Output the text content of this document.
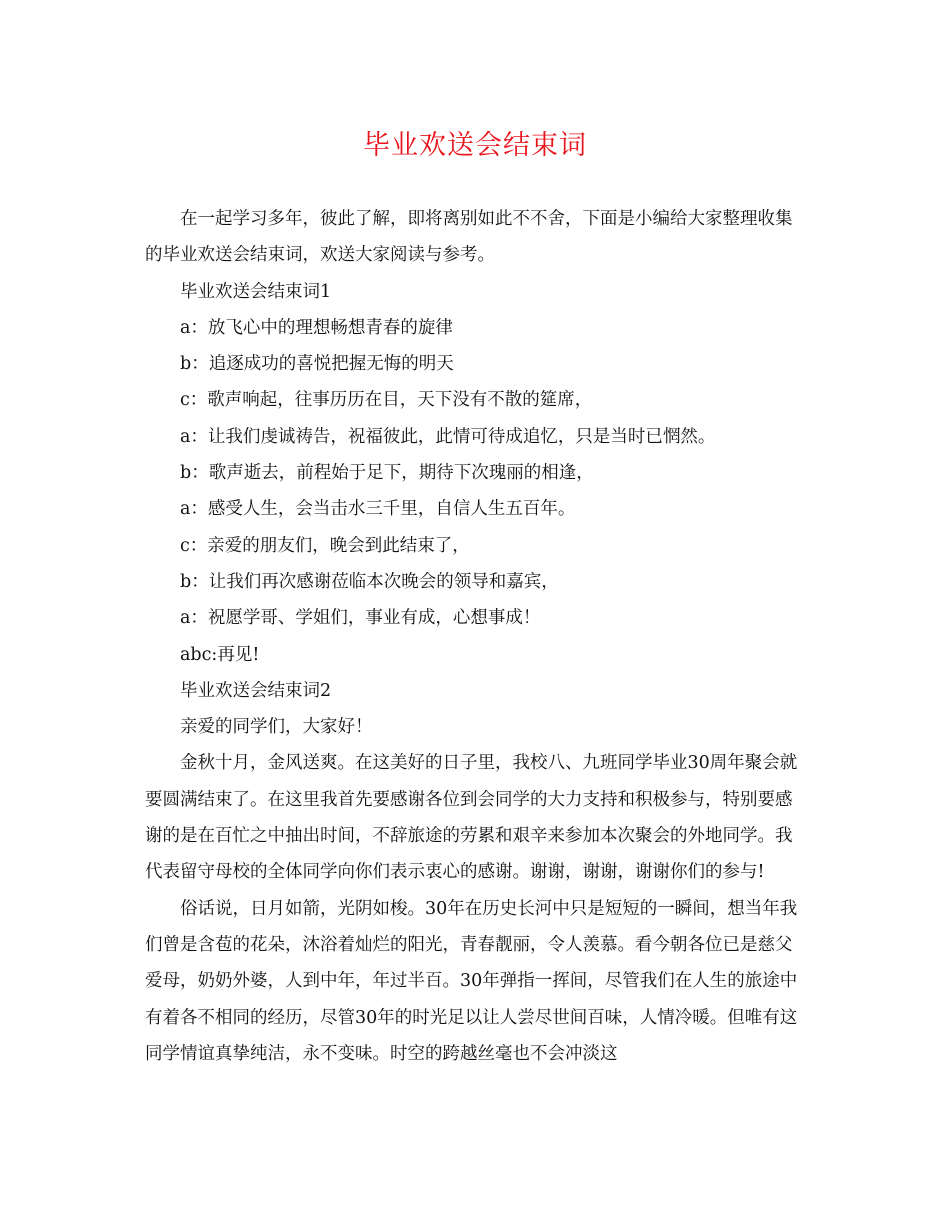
毕业欢送会结束词

在一起学习多年，彼此了解，即将离别如此不不舍，下面是小编给大家整理收集的毕业欢送会结束词，欢送大家阅读与参考。

毕业欢送会结束词1

a：放飞心中的理想畅想青春的旋律

b：追逐成功的喜悦把握无悔的明天

c：歌声响起，往事历历在目，天下没有不散的筵席，

a：让我们虔诚祷告，祝福彼此，此情可待成追忆，只是当时已惘然。

b：歌声逝去，前程始于足下，期待下次瑰丽的相逢，

a：感受人生，会当击水三千里，自信人生五百年。

c：亲爱的朋友们，晚会到此结束了，

b：让我们再次感谢莅临本次晚会的领导和嘉宾，

a：祝愿学哥、学姐们，事业有成，心想事成！

abc:再见!

毕业欢送会结束词2

亲爱的同学们，大家好！

金秋十月，金风送爽。在这美好的日子里，我校八、九班同学毕业30周年聚会就要圆满结束了。在这里我首先要感谢各位到会同学的大力支持和积极参与，特别要感谢的是在百忙之中抽出时间，不辞旅途的劳累和艰辛来参加本次聚会的外地同学。我代表留守母校的全体同学向你们表示衷心的感谢。谢谢，谢谢，谢谢你们的参与!

俗话说，日月如箭，光阴如梭。30年在历史长河中只是短短的一瞬间，想当年我们曾是含苞的花朵，沐浴着灿烂的阳光，青春靓丽，令人羡慕。看今朝各位已是慈父爱母，奶奶外婆，人到中年，年过半百。30年弹指一挥间，尽管我们在人生的旅途中有着各不相同的经历，尽管30年的时光足以让人尝尽世间百味，人情冷暖。但唯有这同学情谊真挚纯洁，永不变味。时空的跨越丝毫也不会冲淡这
